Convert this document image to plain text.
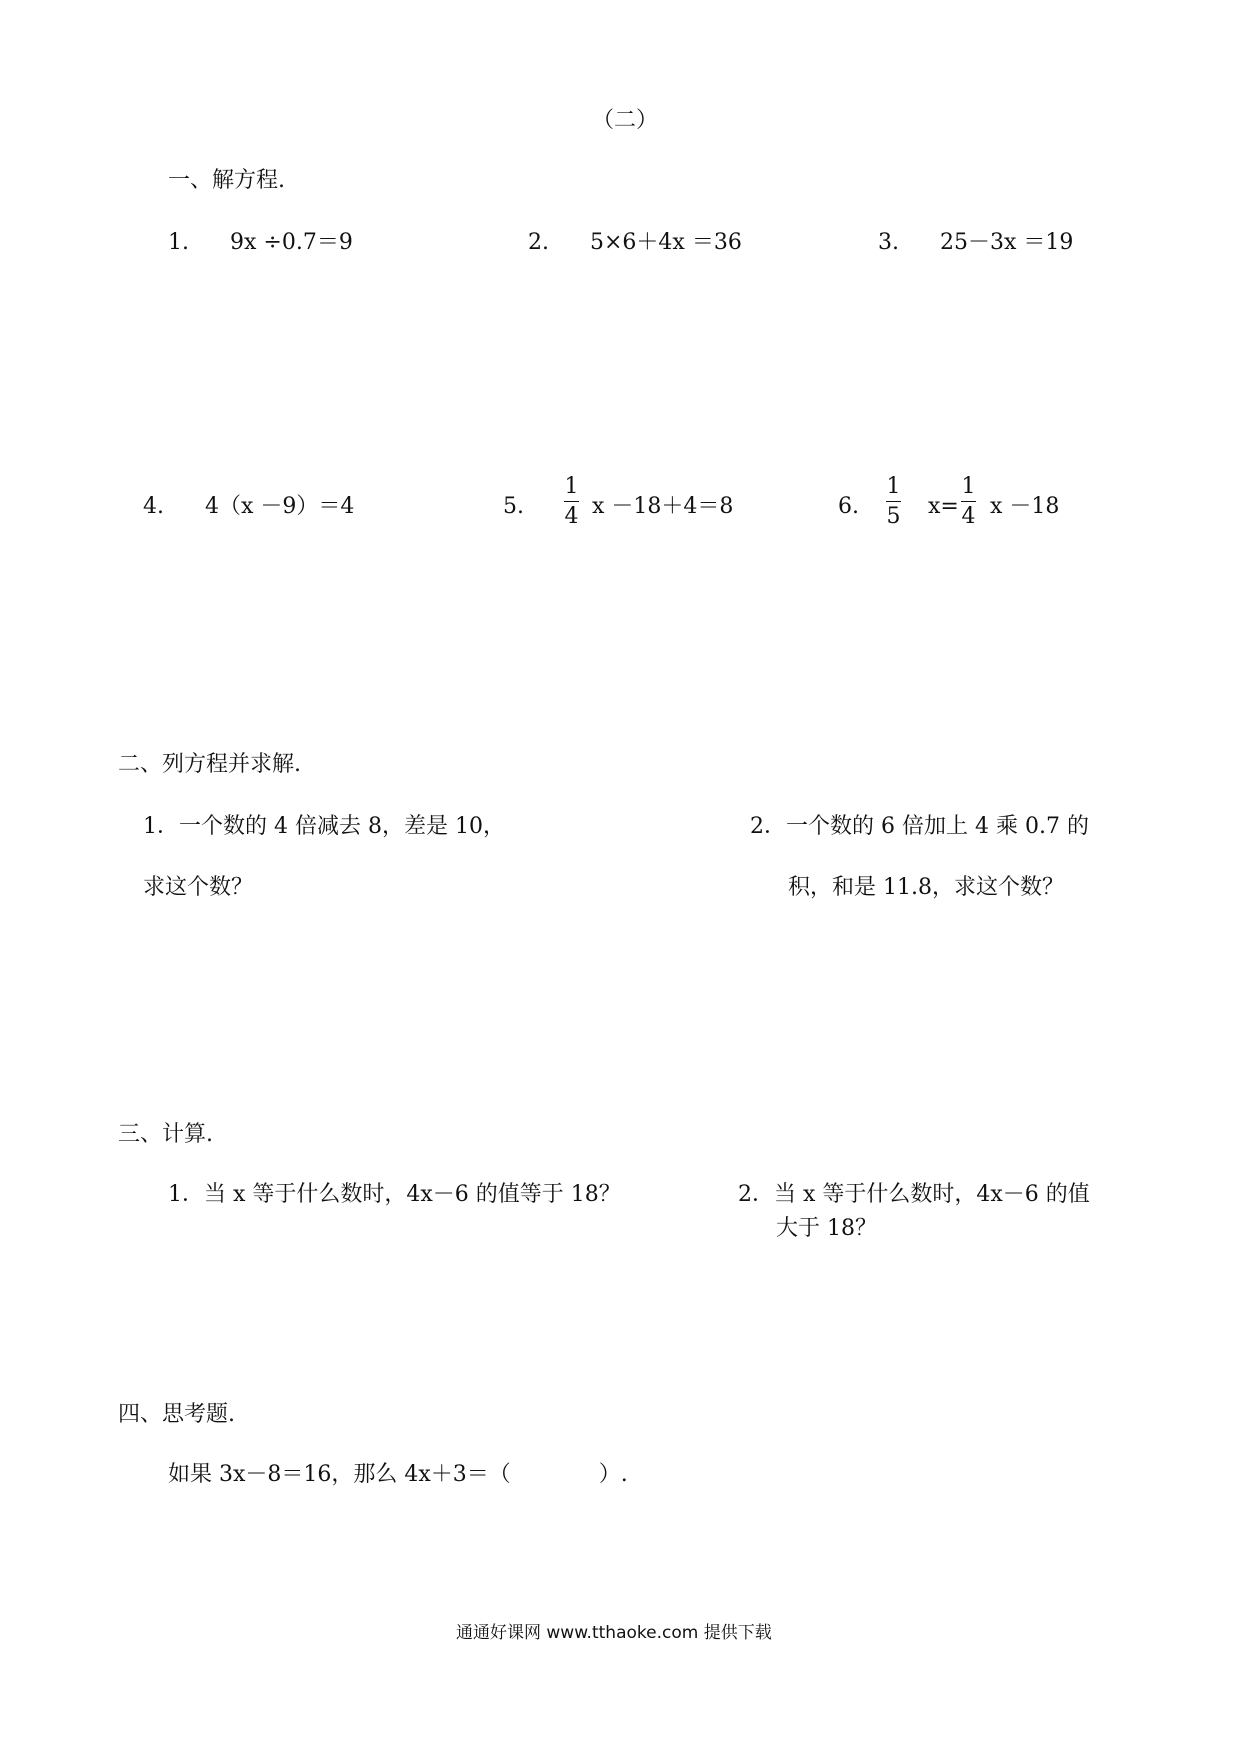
（二）
一、解方程.
1. 9x ÷0.7＝9	2. 5×6＋4x ＝36	3. 25－3x ＝19
4. 4（x －9）＝4	5.
1
4 x －18＋4＝8	6.
1
5 x=
1
4 x －18
二、列方程并求解.
1．一个数的 4 倍减去 8，差是 10，
求这个数？
2．一个数的 6 倍加上 4 乘 0.7 的
积，和是 11.8，求这个数？
三、计算.
1．当 x 等于什么数时，4x－6 的值等于 18？	2．当 x 等于什么数时，4x－6 的值
大于 18？
四、思考题.
如果 3x－8＝16，那么 4x＋3＝（　　　　）.
通通好课网 www.tthaoke.com 提供下载
